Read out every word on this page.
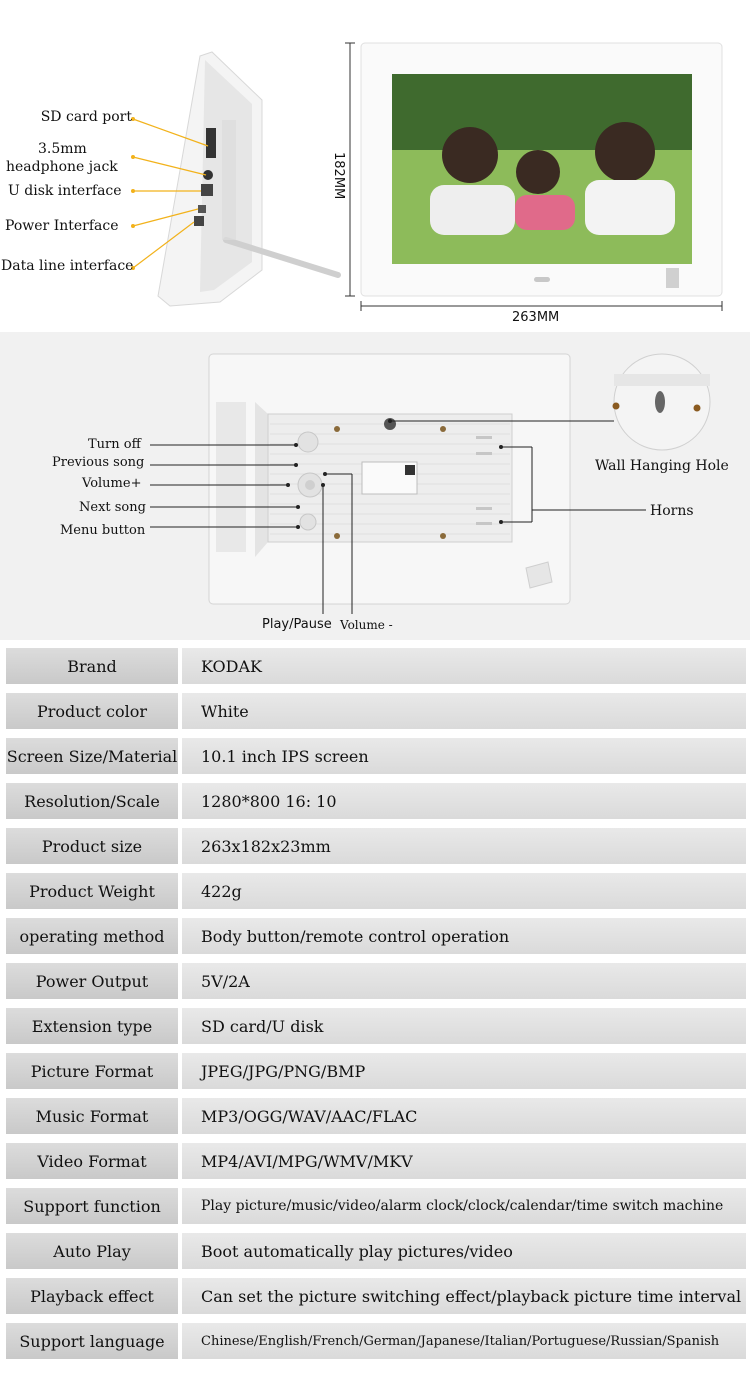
SD card port
3.5mm
headphone jack
U disk interface
Power Interface
Data line interface
182MM
263MM
Turn off
Previous song
Volume+
Next song
Menu button
Play/Pause Volume -
Wall Hanging Hole
Horns
Brand	KODAK
Product color	White
Screen Size/Material	10.1 inch IPS screen
Resolution/Scale	1280*800 16: 10
Product size	263x182x23mm
Product Weight	422g
operating method	Body button/remote control operation
Power Output	5V/2A
Extension type	SD card/U disk
Picture Format	JPEG/JPG/PNG/BMP
Music Format	MP3/OGG/WAV/AAC/FLAC
Video Format	MP4/AVI/MPG/WMV/MKV
Support function	Play picture/music/video/alarm clock/clock/calendar/time switch machine
Auto Play	Boot automatically play pictures/video
Playback effect	Can set the picture switching effect/playback picture time interval
Support language	Chinese/English/French/German/Japanese/Italian/Portuguese/Russian/Spanish
